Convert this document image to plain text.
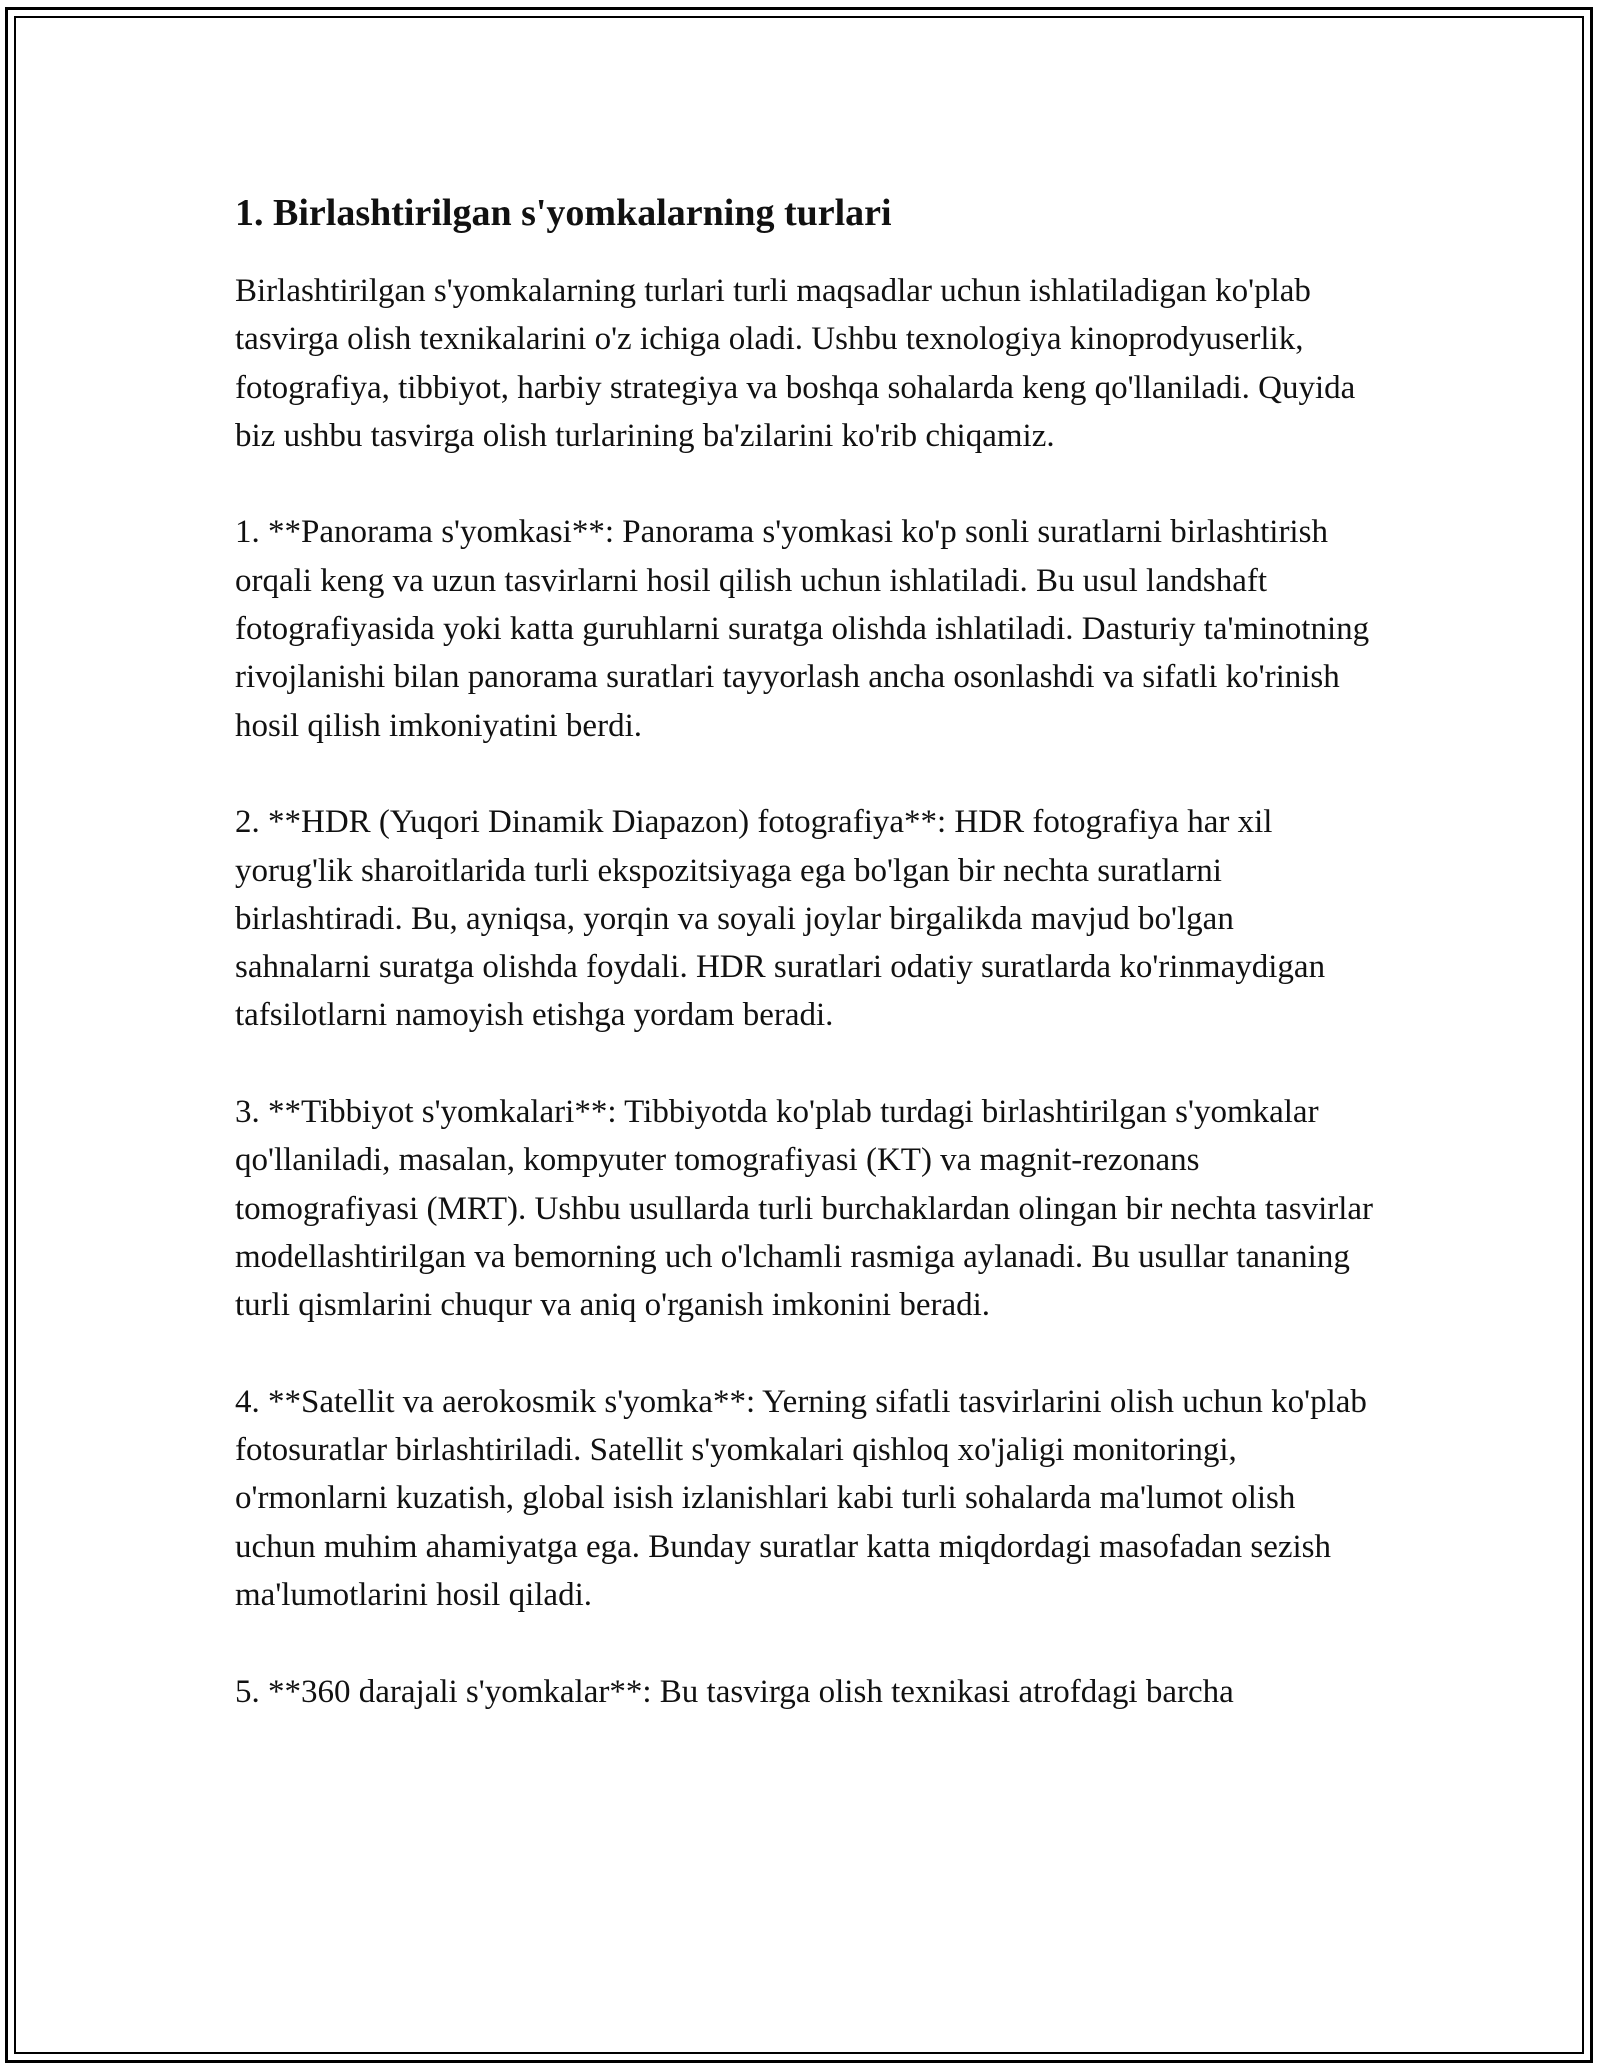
1. Birlashtirilgan s'yomkalarning turlari

Birlashtirilgan s'yomkalarning turlari turli maqsadlar uchun ishlatiladigan ko'plab tasvirga olish texnikalarini o'z ichiga oladi. Ushbu texnologiya kinoprodyuserlik, fotografiya, tibbiyot, harbiy strategiya va boshqa sohalarda keng qo'llaniladi. Quyida biz ushbu tasvirga olish turlarining ba'zilarini ko'rib chiqamiz.

1. **Panorama s'yomkasi**: Panorama s'yomkasi ko'p sonli suratlarni birlashtirish orqali keng va uzun tasvirlarni hosil qilish uchun ishlatiladi. Bu usul landshaft fotografiyasida yoki katta guruhlarni suratga olishda ishlatiladi. Dasturiy ta'minotning rivojlanishi bilan panorama suratlari tayyorlash ancha osonlashdi va sifatli ko'rinish hosil qilish imkoniyatini berdi.

2. **HDR (Yuqori Dinamik Diapazon) fotografiya**: HDR fotografiya har xil yorug'lik sharoitlarida turli ekspozitsiyaga ega bo'lgan bir nechta suratlarni birlashtiradi. Bu, ayniqsa, yorqin va soyali joylar birgalikda mavjud bo'lgan sahnalarni suratga olishda foydali. HDR suratlari odatiy suratlarda ko'rinmaydigan tafsilotlarni namoyish etishga yordam beradi.

3. **Tibbiyot s'yomkalari**: Tibbiyotda ko'plab turdagi birlashtirilgan s'yomkalar qo'llaniladi, masalan, kompyuter tomografiyasi (KT) va magnit-rezonans tomografiyasi (MRT). Ushbu usullarda turli burchaklardan olingan bir nechta tasvirlar modellashtirilgan va bemorning uch o'lchamli rasmiga aylanadi. Bu usullar tananing turli qismlarini chuqur va aniq o'rganish imkonini beradi.

4. **Satellit va aerokosmik s'yomka**: Yerning sifatli tasvirlarini olish uchun ko'plab fotosuratlar birlashtiriladi. Satellit s'yomkalari qishloq xo'jaligi monitoringi, o'rmonlarni kuzatish, global isish izlanishlari kabi turli sohalarda ma'lumot olish uchun muhim ahamiyatga ega. Bunday suratlar katta miqdordagi masofadan sezish ma'lumotlarini hosil qiladi.

5. **360 darajali s'yomkalar**: Bu tasvirga olish texnikasi atrofdagi barcha
